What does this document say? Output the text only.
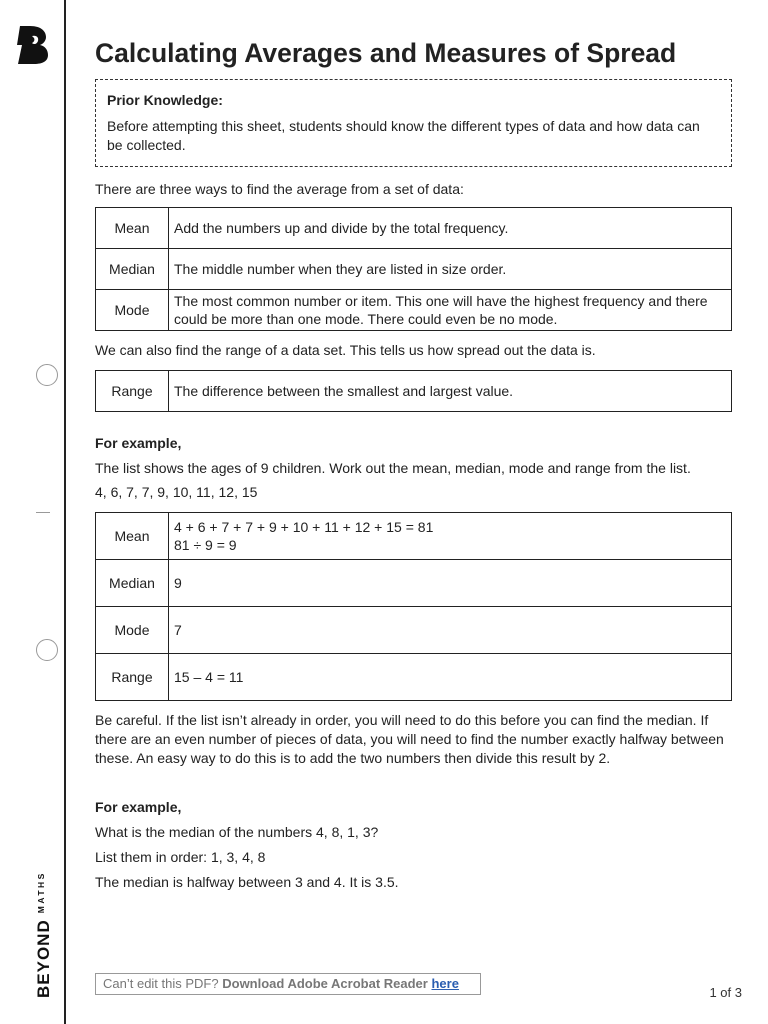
$BEYOND^{MATHS}$
Calculating Averages and Measures of Spread
Prior Knowledge:
Before attempting this sheet, students should know the different types of data and how data can be collected.

There are three ways to find the average from a set of data:

Mean	Add the numbers up and divide by the total frequency.
Median	The middle number when they are listed in size order.
Mode	The most common number or item. This one will have the highest frequency and there could be more than one mode. There could even be no mode.

We can also find the range of a data set. This tells us how spread out the data is.

Range	The difference between the smallest and largest value.

For example,

The list shows the ages of 9 children. Work out the mean, median, mode and range from the list.

4, 6, 7, 7, 9, 10, 11, 12, 15

Mean	4 + 6 + 7 + 7 + 9 + 10 + 11 + 12 + 15 = 81
81 ÷ 9 = 9

Median	9
Mode	7
Range	15 – 4 = 11

Be careful. If the list isn’t already in order, you will need to do this before you can find the median. If there are an even number of pieces of data, you will need to find the number exactly halfway between these. An easy way to do this is to add the two numbers then divide this result by 2.

For example,

What is the median of the numbers 4, 8, 1, 3?

List them in order: 1, 3, 4, 8

The median is halfway between 3 and 4. It is 3.5.

Can’t edit this PDF? Download Adobe Acrobat Reader here
1 of 3
